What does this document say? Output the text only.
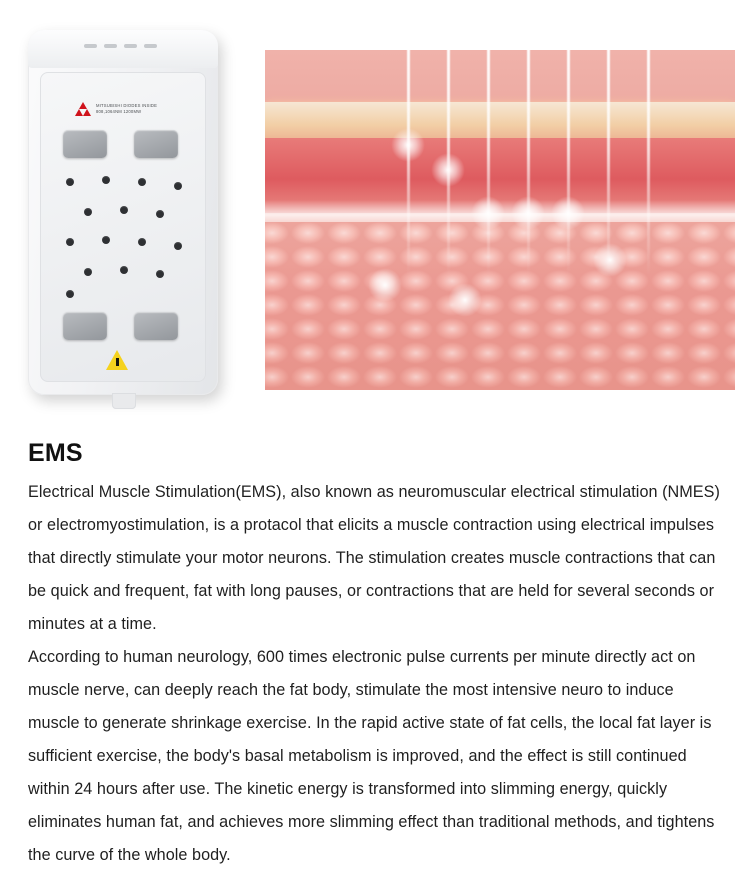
MITSUBISHI DIODES INSIDE
808,1064NM 1200MW
EMS

Electrical Muscle Stimulation(EMS), also known as neuromuscular electrical stimulation (NMES) or electromyostimulation, is a protacol that elicits a muscle contraction using electrical impulses that directly stimulate your motor neurons. The stimulation creates muscle contractions that can be quick and frequent, fat with long pauses, or contractions that are held for several seconds or minutes at a time.

According to human neurology, 600 times electronic pulse currents per minute directly act on muscle nerve, can deeply reach the fat body, stimulate the most intensive neuro to induce muscle to generate shrinkage exercise. In the rapid active state of fat cells, the local fat layer is sufficient exercise, the body's basal metabolism is improved, and the effect is still continued within 24 hours after use. The kinetic energy is transformed into slimming energy, quickly eliminates human fat, and achieves more slimming effect than traditional methods, and tightens the curve of the whole body.
